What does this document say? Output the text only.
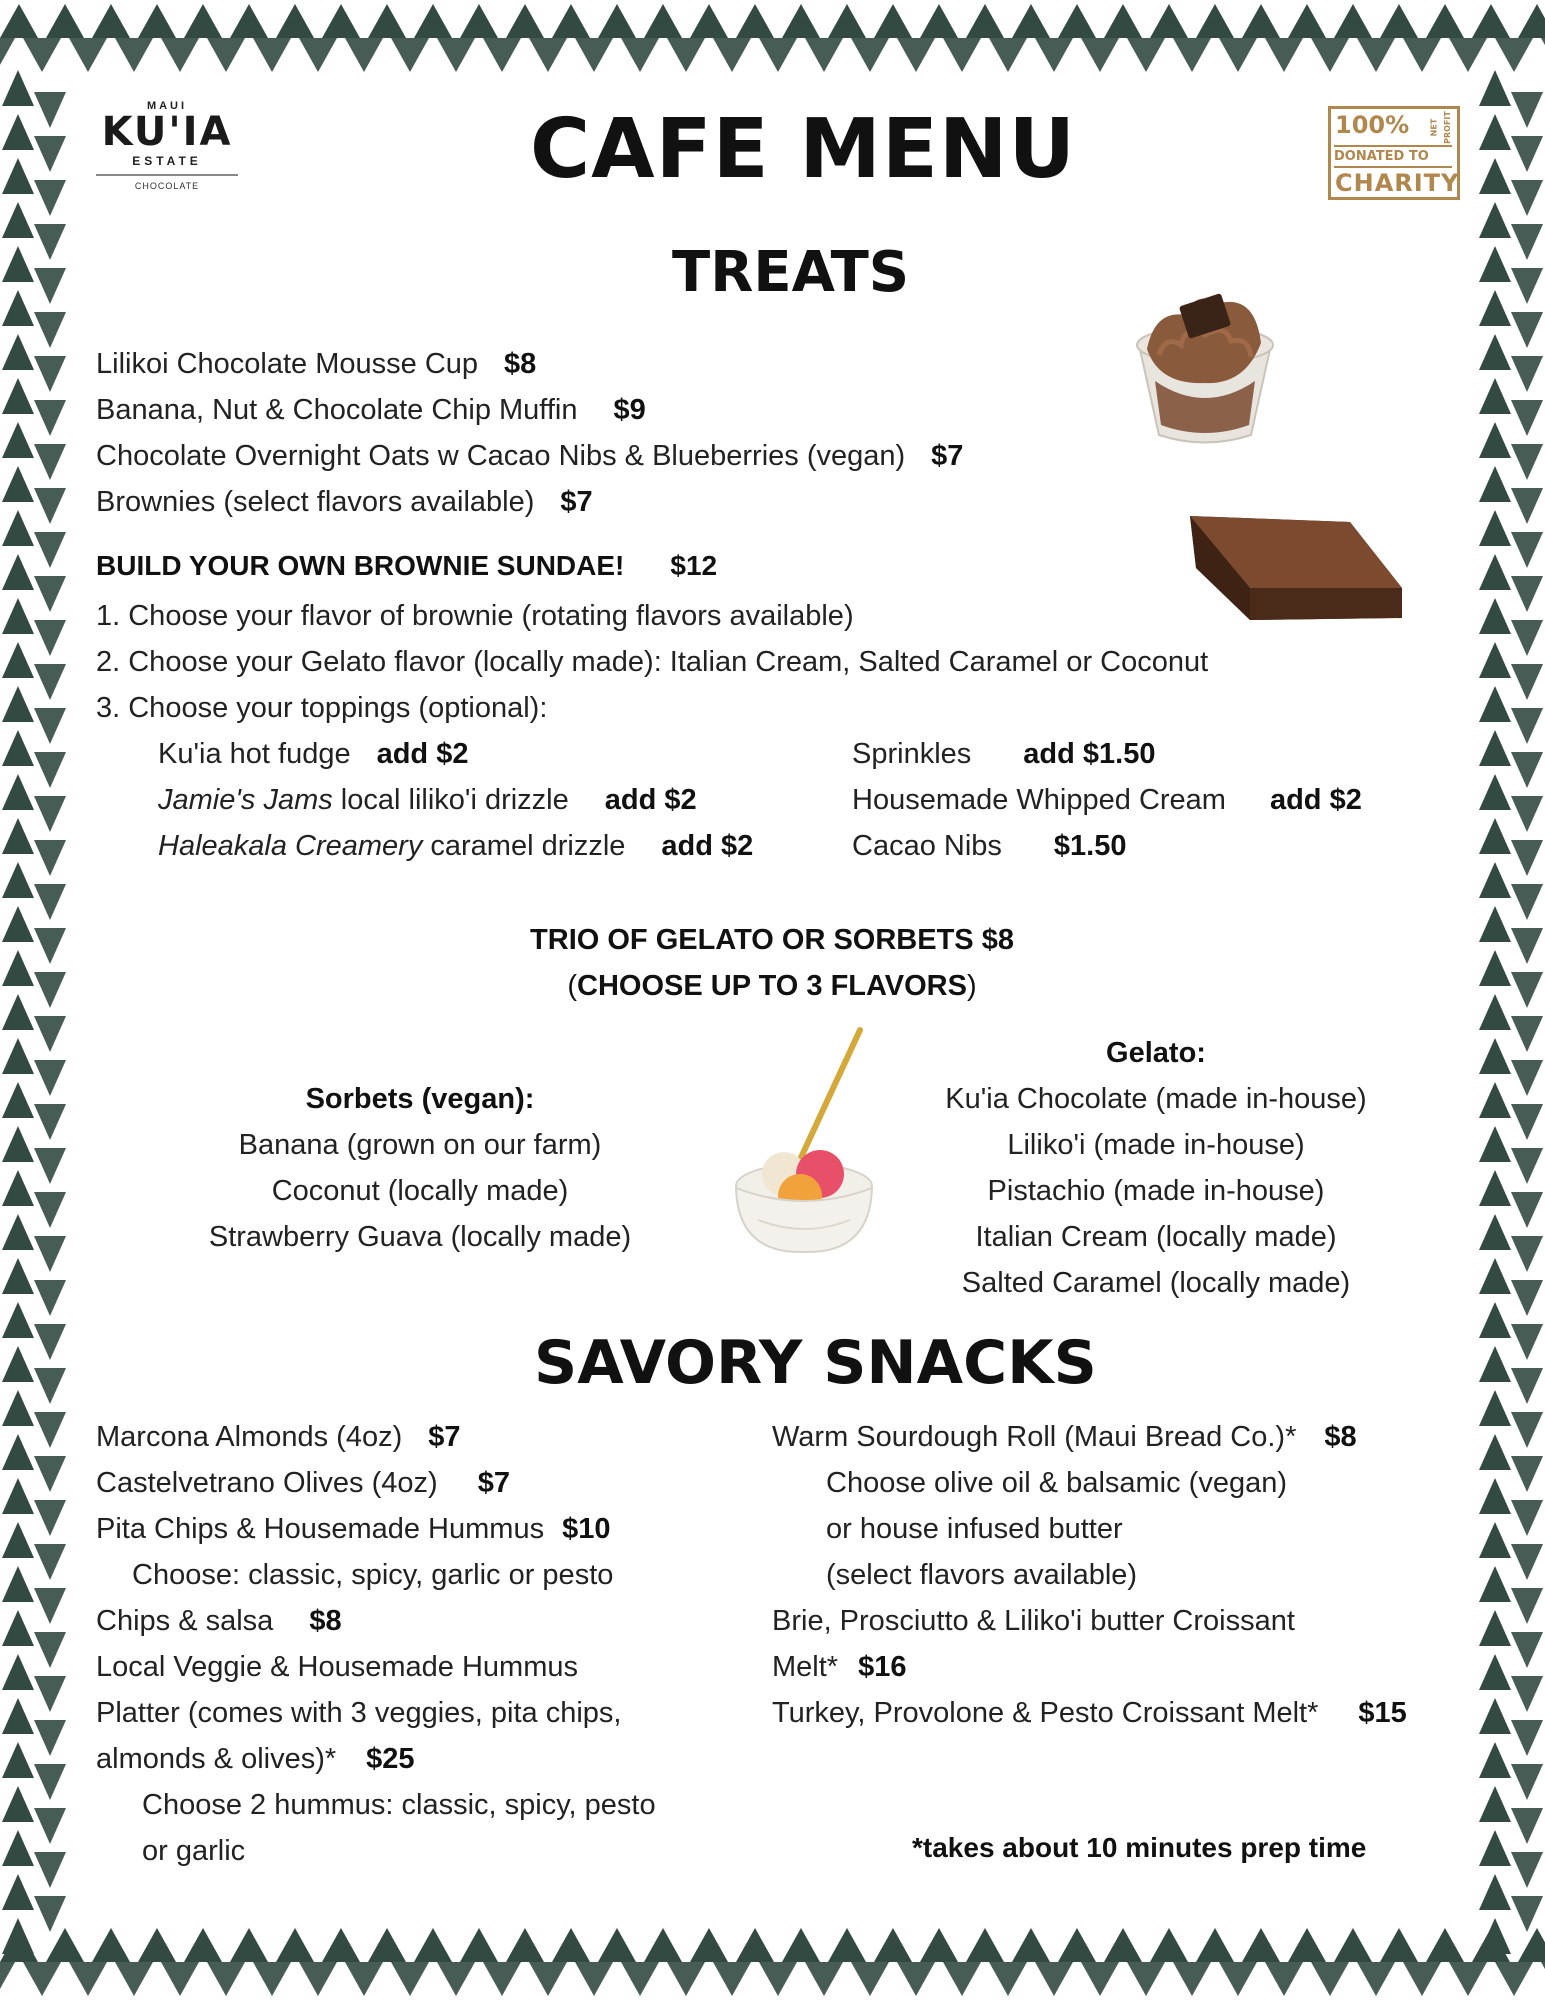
MAUI
KU'IA
ESTATE
CHOCOLATE
100%	NET PROFIT
DONATED TO
CHARITY
CAFE MENU
TREATS
Lilikoi Chocolate Mousse Cup $8
Banana, Nut & Chocolate Chip Muffin $9
Chocolate Overnight Oats w Cacao Nibs & Blueberries (vegan) $7
Brownies (select flavors available) $7
BUILD YOUR OWN BROWNIE SUNDAE! $12
1. Choose your flavor of brownie (rotating flavors available)
2. Choose your Gelato flavor (locally made): Italian Cream, Salted Caramel or Coconut
3. Choose your toppings (optional):
Ku'ia hot fudge add $2
Jamie's Jams local liliko'i drizzle add $2
Haleakala Creamery caramel drizzle add $2
Sprinkles add $1.50
Housemade Whipped Cream add $2
Cacao Nibs $1.50
TRIO OF GELATO OR SORBETS $8
(CHOOSE UP TO 3 FLAVORS)
Sorbets (vegan):
Banana (grown on our farm)
Coconut (locally made)
Strawberry Guava (locally made)
Gelato:
Ku'ia Chocolate (made in-house)
Liliko'i (made in-house)
Pistachio (made in-house)
Italian Cream (locally made)
Salted Caramel (locally made)
SAVORY SNACKS
Marcona Almonds (4oz) $7
Castelvetrano Olives (4oz) $7
Pita Chips & Housemade Hummus $10
Choose: classic, spicy, garlic or pesto
Chips & salsa $8
Local Veggie & Housemade Hummus
Platter (comes with 3 veggies, pita chips,
almonds & olives)* $25
Choose 2 hummus: classic, spicy, pesto
or garlic
Warm Sourdough Roll (Maui Bread Co.)* $8
Choose olive oil & balsamic (vegan)
or house infused butter
(select flavors available)
Brie, Prosciutto & Liliko'i butter Croissant
Melt* $16
Turkey, Provolone & Pesto Croissant Melt* $15
*takes about 10 minutes prep time
